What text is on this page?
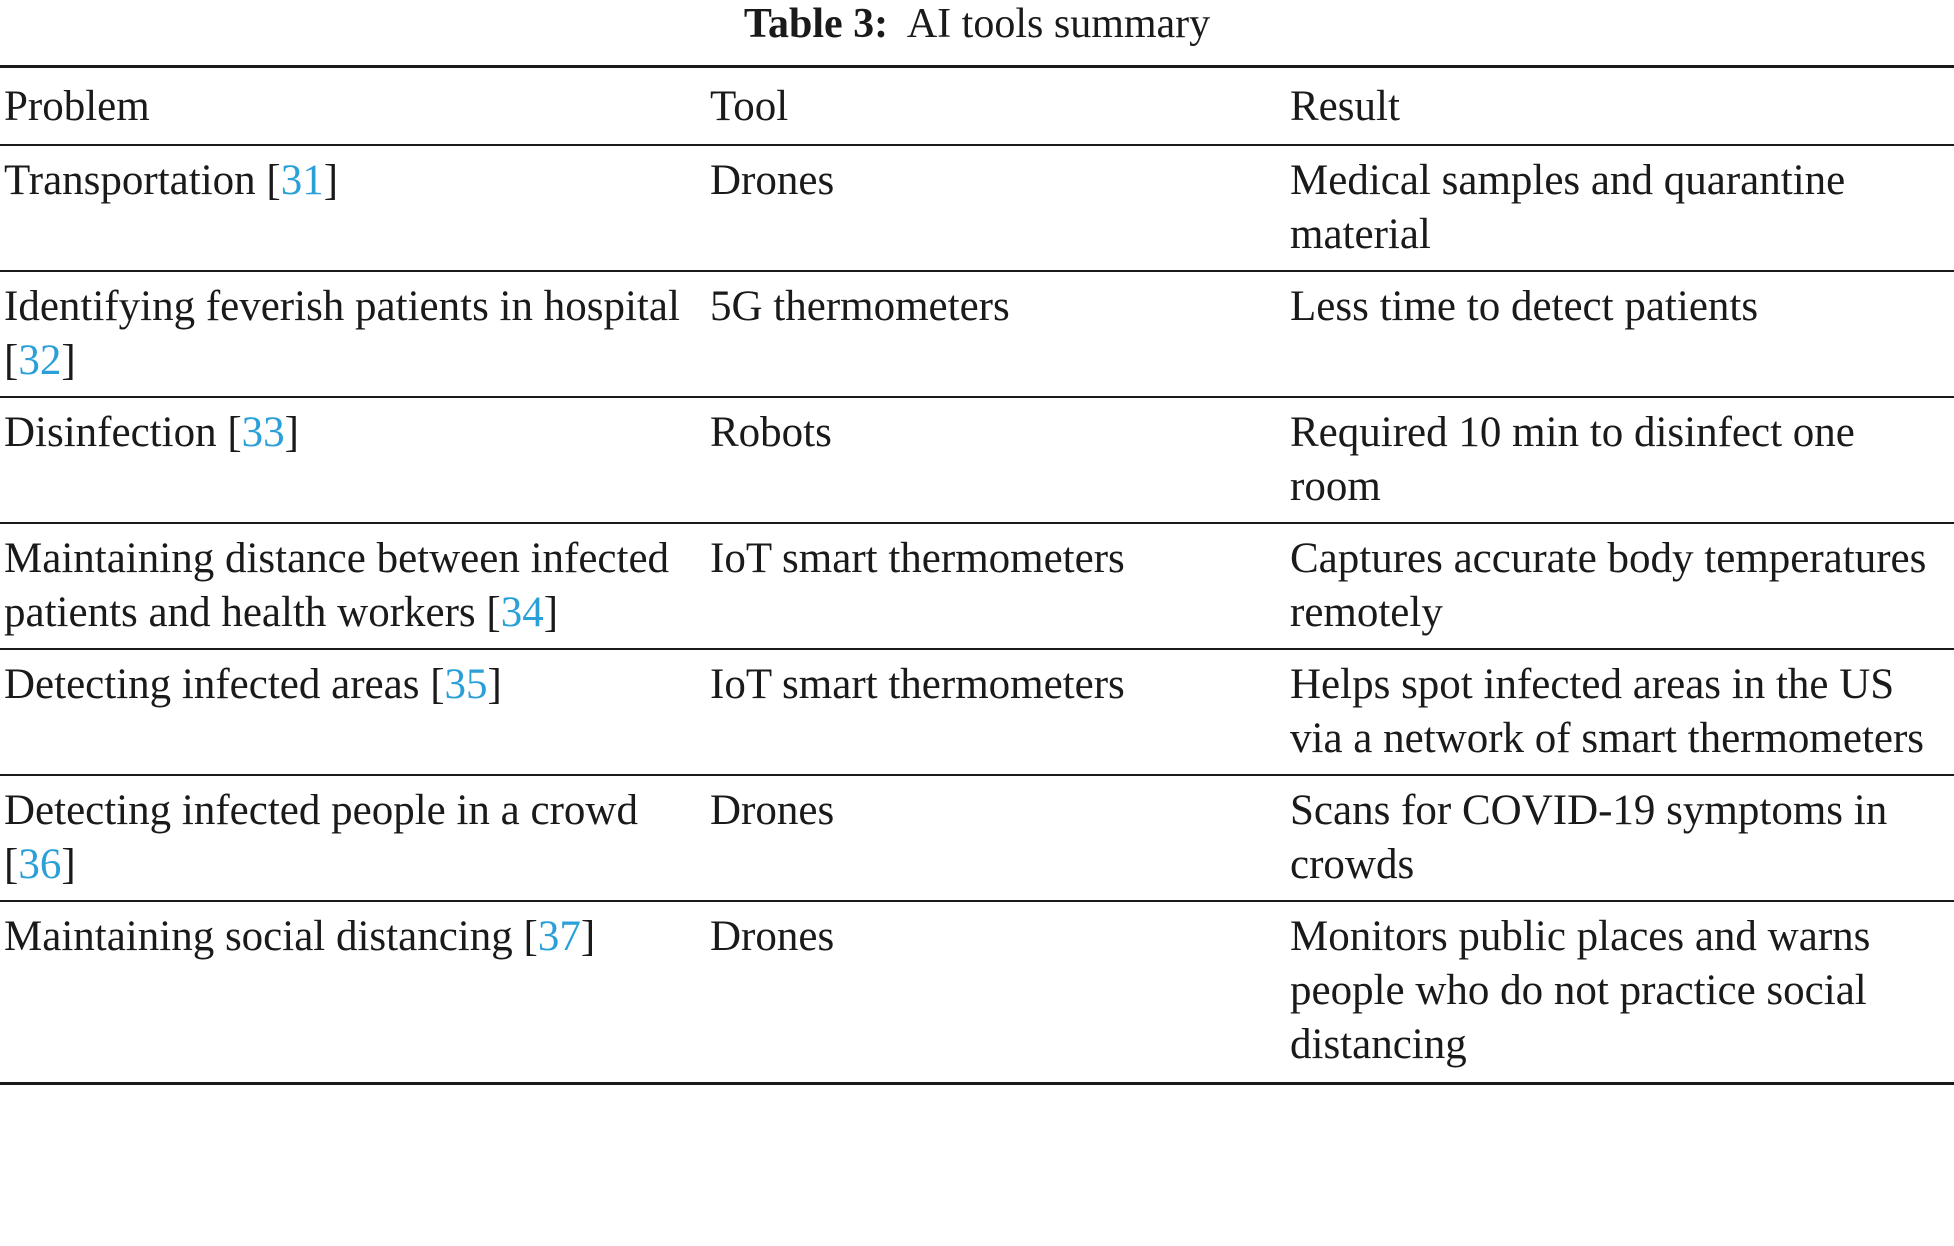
Table 3: AI tools summary
Problem	Tool	Result
Transportation [31]	Drones	Medical samples and quarantine material
Identifying feverish patients in hospital [32]	5G thermometers	Less time to detect patients
Disinfection [33]	Robots	Required 10 min to disinfect one room
Maintaining distance between infected patients and health workers [34]	IoT smart thermometers	Captures accurate body temperatures remotely
Detecting infected areas [35]	IoT smart thermometers	Helps spot infected areas in the US via a network of smart thermometers
Detecting infected people in a crowd [36]	Drones	Scans for COVID-19 symptoms in crowds
Maintaining social distancing [37]	Drones	Monitors public places and warns people who do not practice social distancing
